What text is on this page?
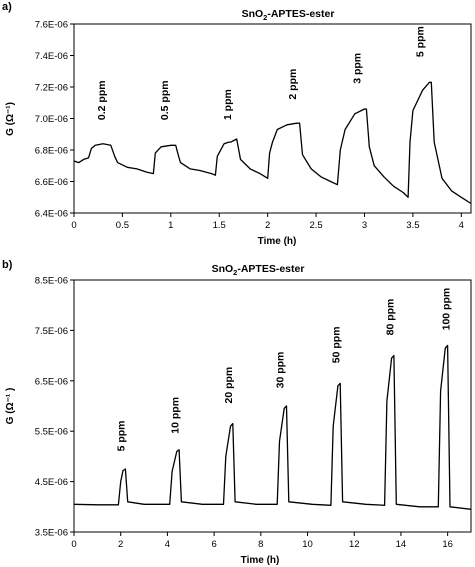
a)
SnO$_2$-APTES-ester
G (Ω⁻¹)
Time (h)
0	0.5	1	1.5	2	2.5	3	3.5	4
6.4E-06
6.6E-06
6.8E-06
7.0E-06
7.2E-06
7.4E-06
7.6E-06
0.2 ppm	0.5 ppm	1 ppm
2 ppm
3 ppm
5 ppm
b)	SnO$_2$-APTES-ester
G (Ω⁻¹ )
Time (h)
0	2	4	6	8	10	12	14	16
3.5E-06
4.5E-06
5.5E-06
6.5E-06
7.5E-06
8.5E-06
5 ppm
10 ppm
20 ppm	30 ppm
50 ppm
80 ppm	100 ppm
